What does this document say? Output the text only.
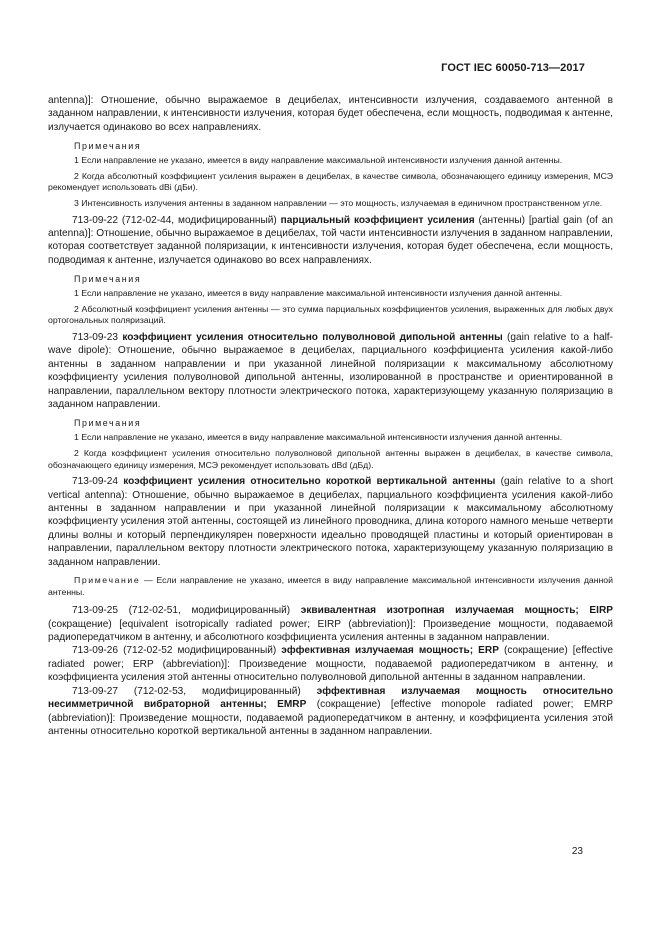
ГОСТ IEC 60050-713—2017

antenna)]: Отношение, обычно выражаемое в децибелах, интенсивности излучения, создаваемого антенной в заданном направлении, к интенсивности излучения, которая будет обеспечена, если мощность, подводимая к антенне, излучается одинаково во всех направлениях.

Примечания

1 Если направление не указано, имеется в виду направление максимальной интенсивности излучения данной антенны.

2 Когда абсолютный коэффициент усиления выражен в децибелах, в качестве символа, обозначающего единицу измерения, МСЭ рекомендует использовать dBi (дБи).

3 Интенсивность излучения антенны в заданном направлении — это мощность, излучаемая в единичном пространственном угле.

713-09-22 (712-02-44, модифицированный) парциальный коэффициент усиления (антенны) [partial gain (of an antenna)]: Отношение, обычно выражаемое в децибелах, той части интенсивности излучения в заданном направлении, которая соответствует заданной поляризации, к интенсивности излучения, которая будет обеспечена, если мощность, подводимая к антенне, излучается одинаково во всех направлениях.

Примечания

1 Если направление не указано, имеется в виду направление максимальной интенсивности излучения данной антенны.

2 Абсолютный коэффициент усиления антенны — это сумма парциальных коэффициентов усиления, выраженных для любых двух ортогональных поляризаций.

713-09-23 коэффициент усиления относительно полуволновой дипольной антенны (gain relative to a half-wave dipole): Отношение, обычно выражаемое в децибелах, парциального коэффициента усиления какой-либо антенны в заданном направлении и при указанной линейной поляризации к максимальному абсолютному коэффициенту усиления полуволновой дипольной антенны, изолированной в пространстве и ориентированной в направлении, параллельном вектору плотности электрического потока, характеризующему указанную поляризацию в заданном направлении.

Примечания

1 Если направление не указано, имеется в виду направление максимальной интенсивности излучения данной антенны.

2 Когда коэффициент усиления относительно полуволновой дипольной антенны выражен в децибелах, в качестве символа, обозначающего единицу измерения, МСЭ рекомендует использовать dBd (дБд).

713-09-24 коэффициент усиления относительно короткой вертикальной антенны (gain relative to a short vertical antenna): Отношение, обычно выражаемое в децибелах, парциального коэффициента усиления какой-либо антенны в заданном направлении и при указанной линейной поляризации к максимальному абсолютному коэффициенту усиления этой антенны, состоящей из линейного проводника, длина которого намного меньше четверти длины волны и который перпендикулярен поверхности идеально проводящей пластины и который ориентирован в направлении, параллельном вектору плотности электрического потока, характеризующему указанную поляризацию в заданном направлении.

Примечание — Если направление не указано, имеется в виду направление максимальной интенсивности излучения данной антенны.

713-09-25 (712-02-51, модифицированный) эквивалентная изотропная излучаемая мощность; EIRP (сокращение) [equivalent isotropically radiated power; EIRP (abbreviation)]: Произведение мощности, подаваемой радиопередатчиком в антенну, и абсолютного коэффициента усиления антенны в заданном направлении.

713-09-26 (712-02-52 модифицированный) эффективная излучаемая мощность; ERP (сокращение) [effective radiated power; ERP (abbreviation)]: Произведение мощности, подаваемой радиопередатчиком в антенну, и коэффициента усиления этой антенны относительно полуволновой дипольной антенны в заданном направлении.

713-09-27 (712-02-53, модифицированный) эффективная излучаемая мощность относительно несимметричной вибраторной антенны; EMRP (сокращение) [effective monopole radiated power; EMRP (abbreviation)]: Произведение мощности, подаваемой радиопередатчиком в антенну, и коэффициента усиления этой антенны относительно короткой вертикальной антенны в заданном направлении.

23
